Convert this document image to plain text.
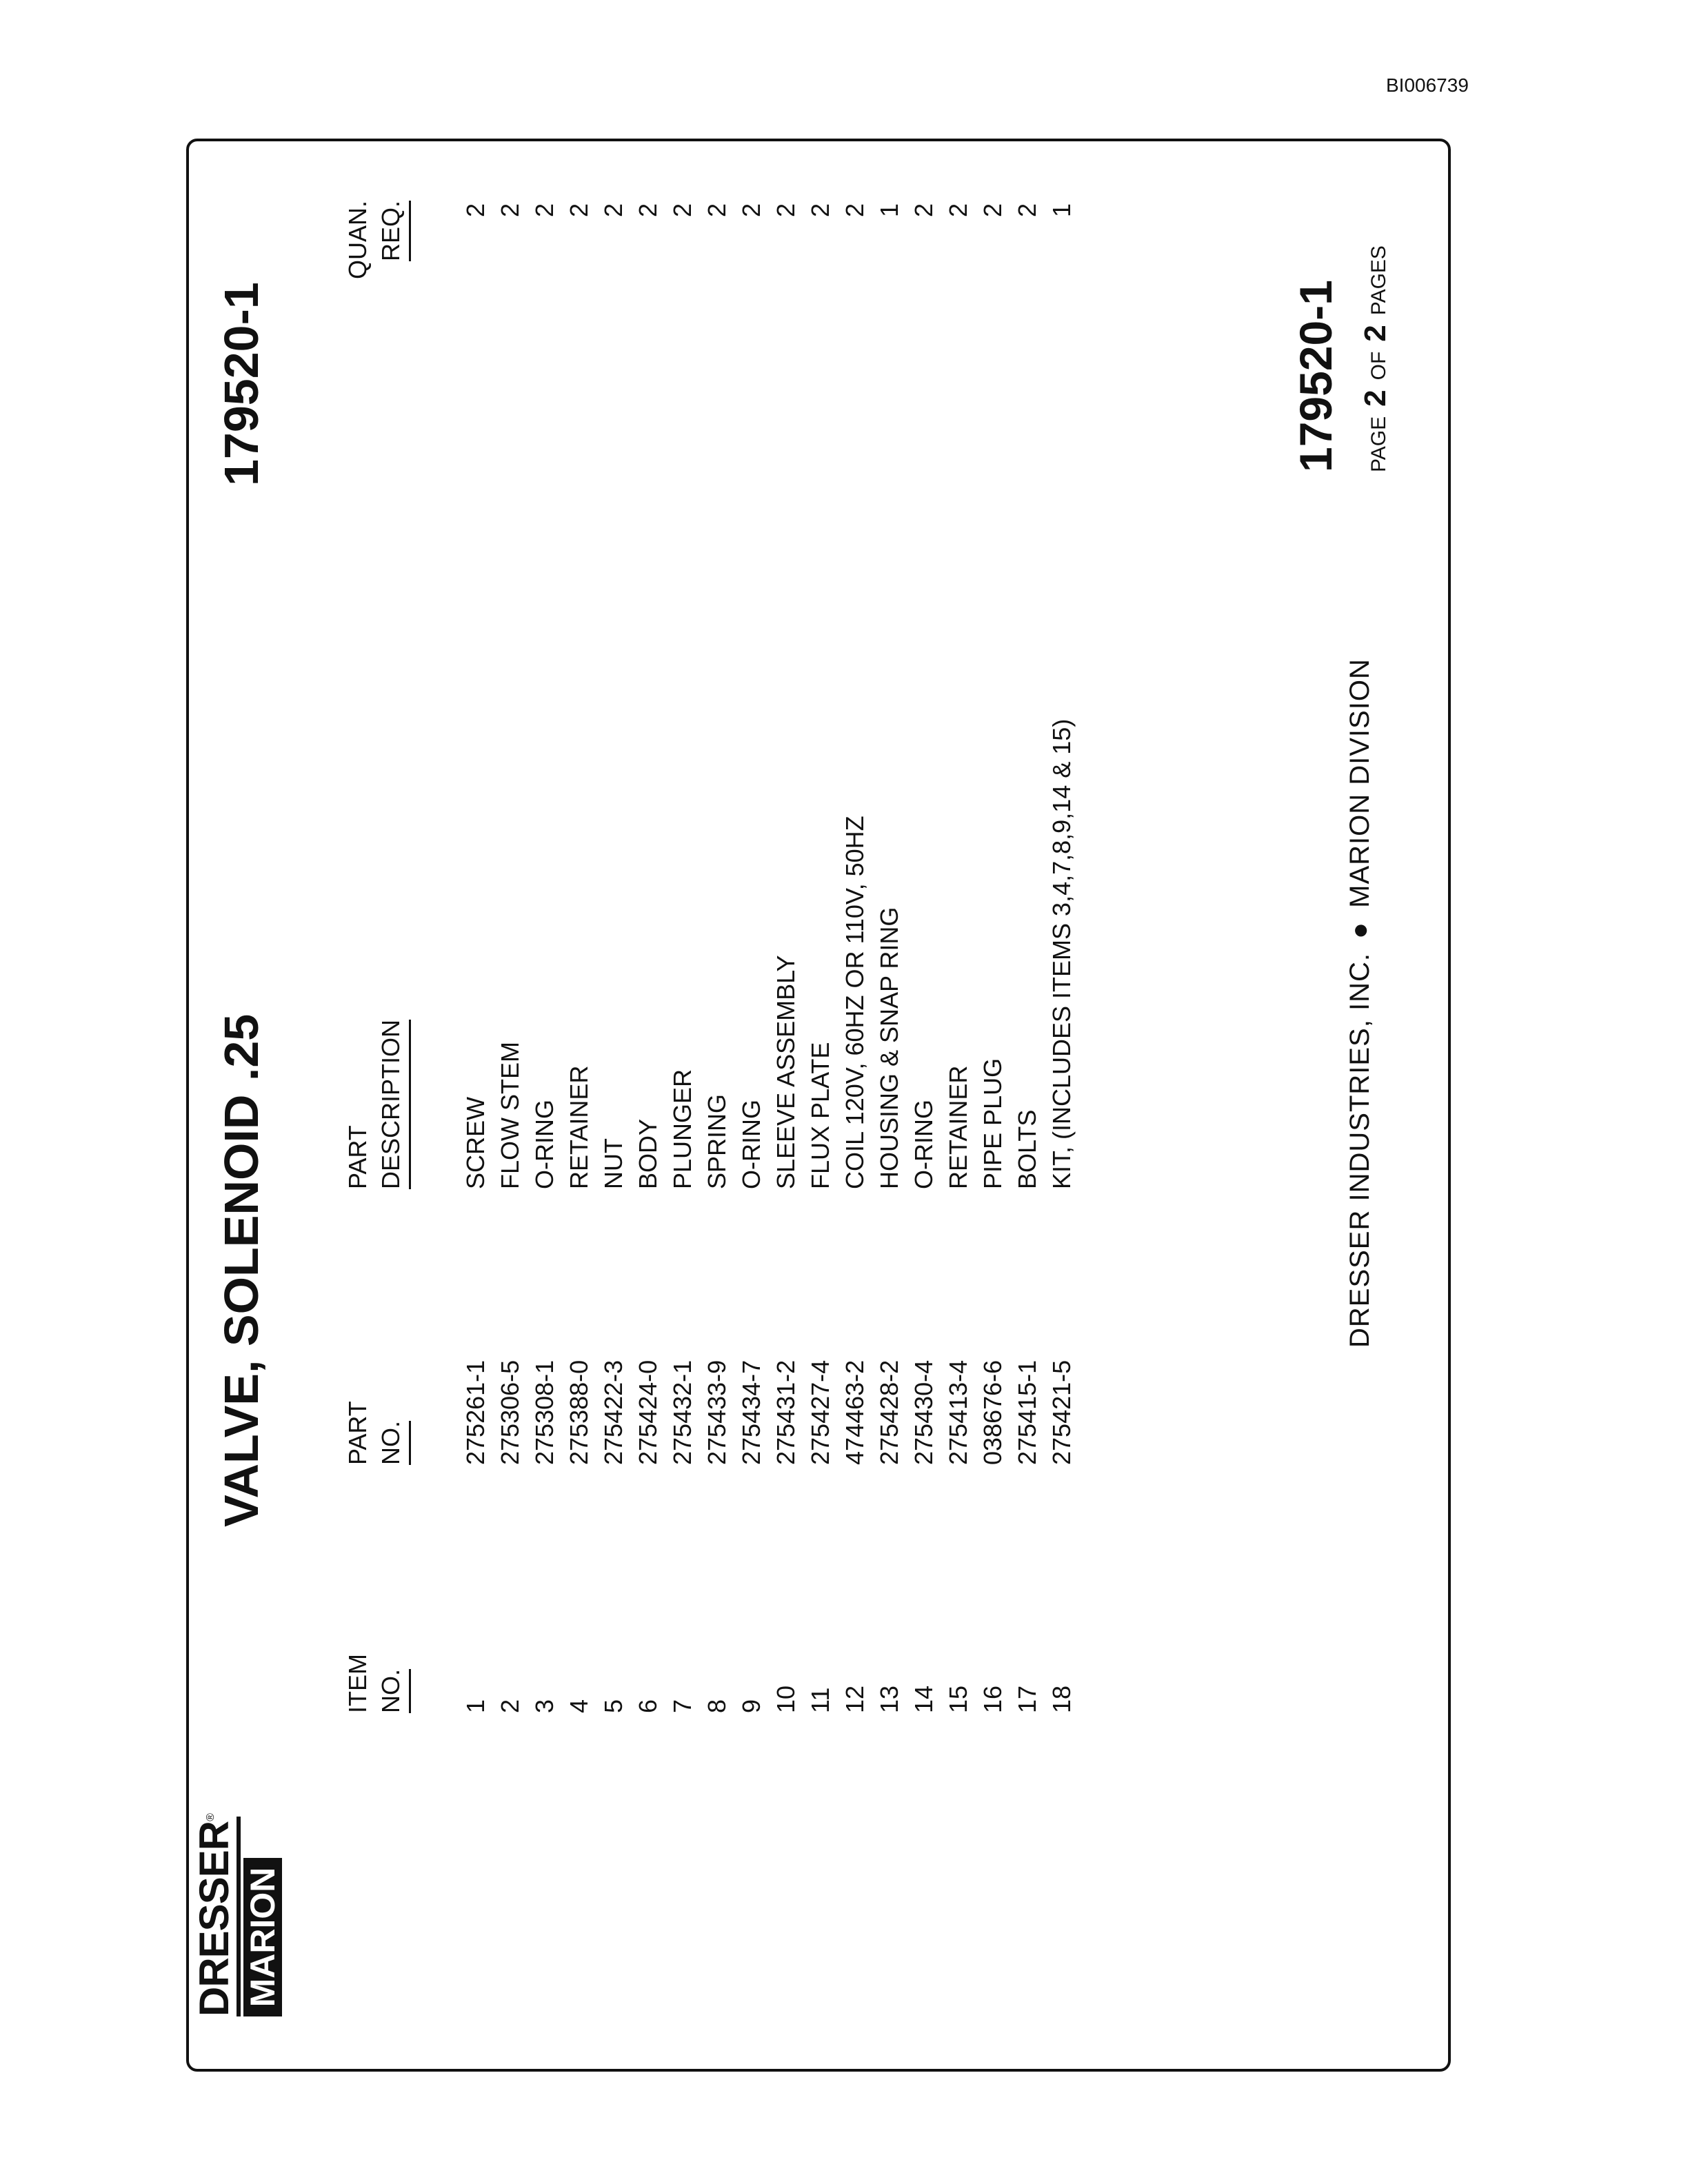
BI006739
DRESSER®
MARION
VALVE, SOLENOID .25
179520-1
ITEM NO.
PART NO.
PART DESCRIPTION
QUAN. REQ.
1
275261-1
SCREW
2
2
275306-5
FLOW STEM
2
3
275308-1
O-RING
2
4
275388-0
RETAINER
2
5
275422-3
NUT
2
6
275424-0
BODY
2
7
275432-1
PLUNGER
2
8
275433-9
SPRING
2
9
275434-7
O-RING
2
10
275431-2
SLEEVE ASSEMBLY
2
11
275427-4
FLUX PLATE
2
12
474463-2
COIL 120V, 60HZ OR 110V, 50HZ
2
13
275428-2
HOUSING & SNAP RING
1
14
275430-4
O-RING
2
15
275413-4
RETAINER
2
16
038676-6
PIPE PLUG
2
17
275415-1
BOLTS
2
18
275421-5
KIT, (INCLUDES ITEMS 3,4,7,8,9,14 & 15)
1
DRESSER INDUSTRIES, INC.●MARION DIVISION
179520-1	PAGE2OF2PAGES
